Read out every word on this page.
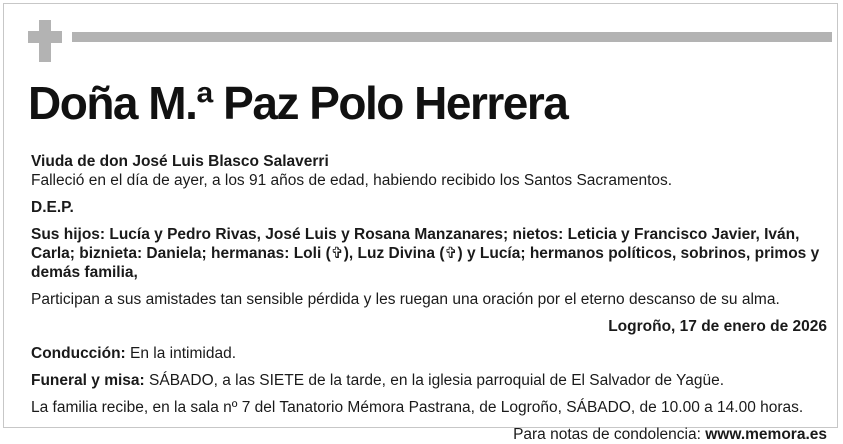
Doña M.ª Paz Polo Herrera

Viuda de don José Luis Blasco Salaverri

Falleció en el día de ayer, a los 91 años de edad, habiendo recibido los Santos Sacramentos.

D.E.P.

Sus hijos: Lucía y Pedro Rivas, José Luis y Rosana Manzanares; nietos: Leticia y Francisco Javier, Iván, Carla; biznieta: Daniela; hermanas: Loli (✞), Luz Divina (✞) y Lucía; hermanos políticos, sobrinos, primos y demás familia,

Participan a sus amistades tan sensible pérdida y les ruegan una oración por el eterno descanso de su alma.

Logroño, 17 de enero de 2026

Conducción: En la intimidad.

Funeral y misa: SÁBADO, a las SIETE de la tarde, en la iglesia parroquial de El Salvador de Yagüe.

La familia recibe, en la sala nº 7 del Tanatorio Mémora Pastrana, de Logroño, SÁBADO, de 10.00 a 14.00 horas.

Para notas de condolencia: www.memora.es
